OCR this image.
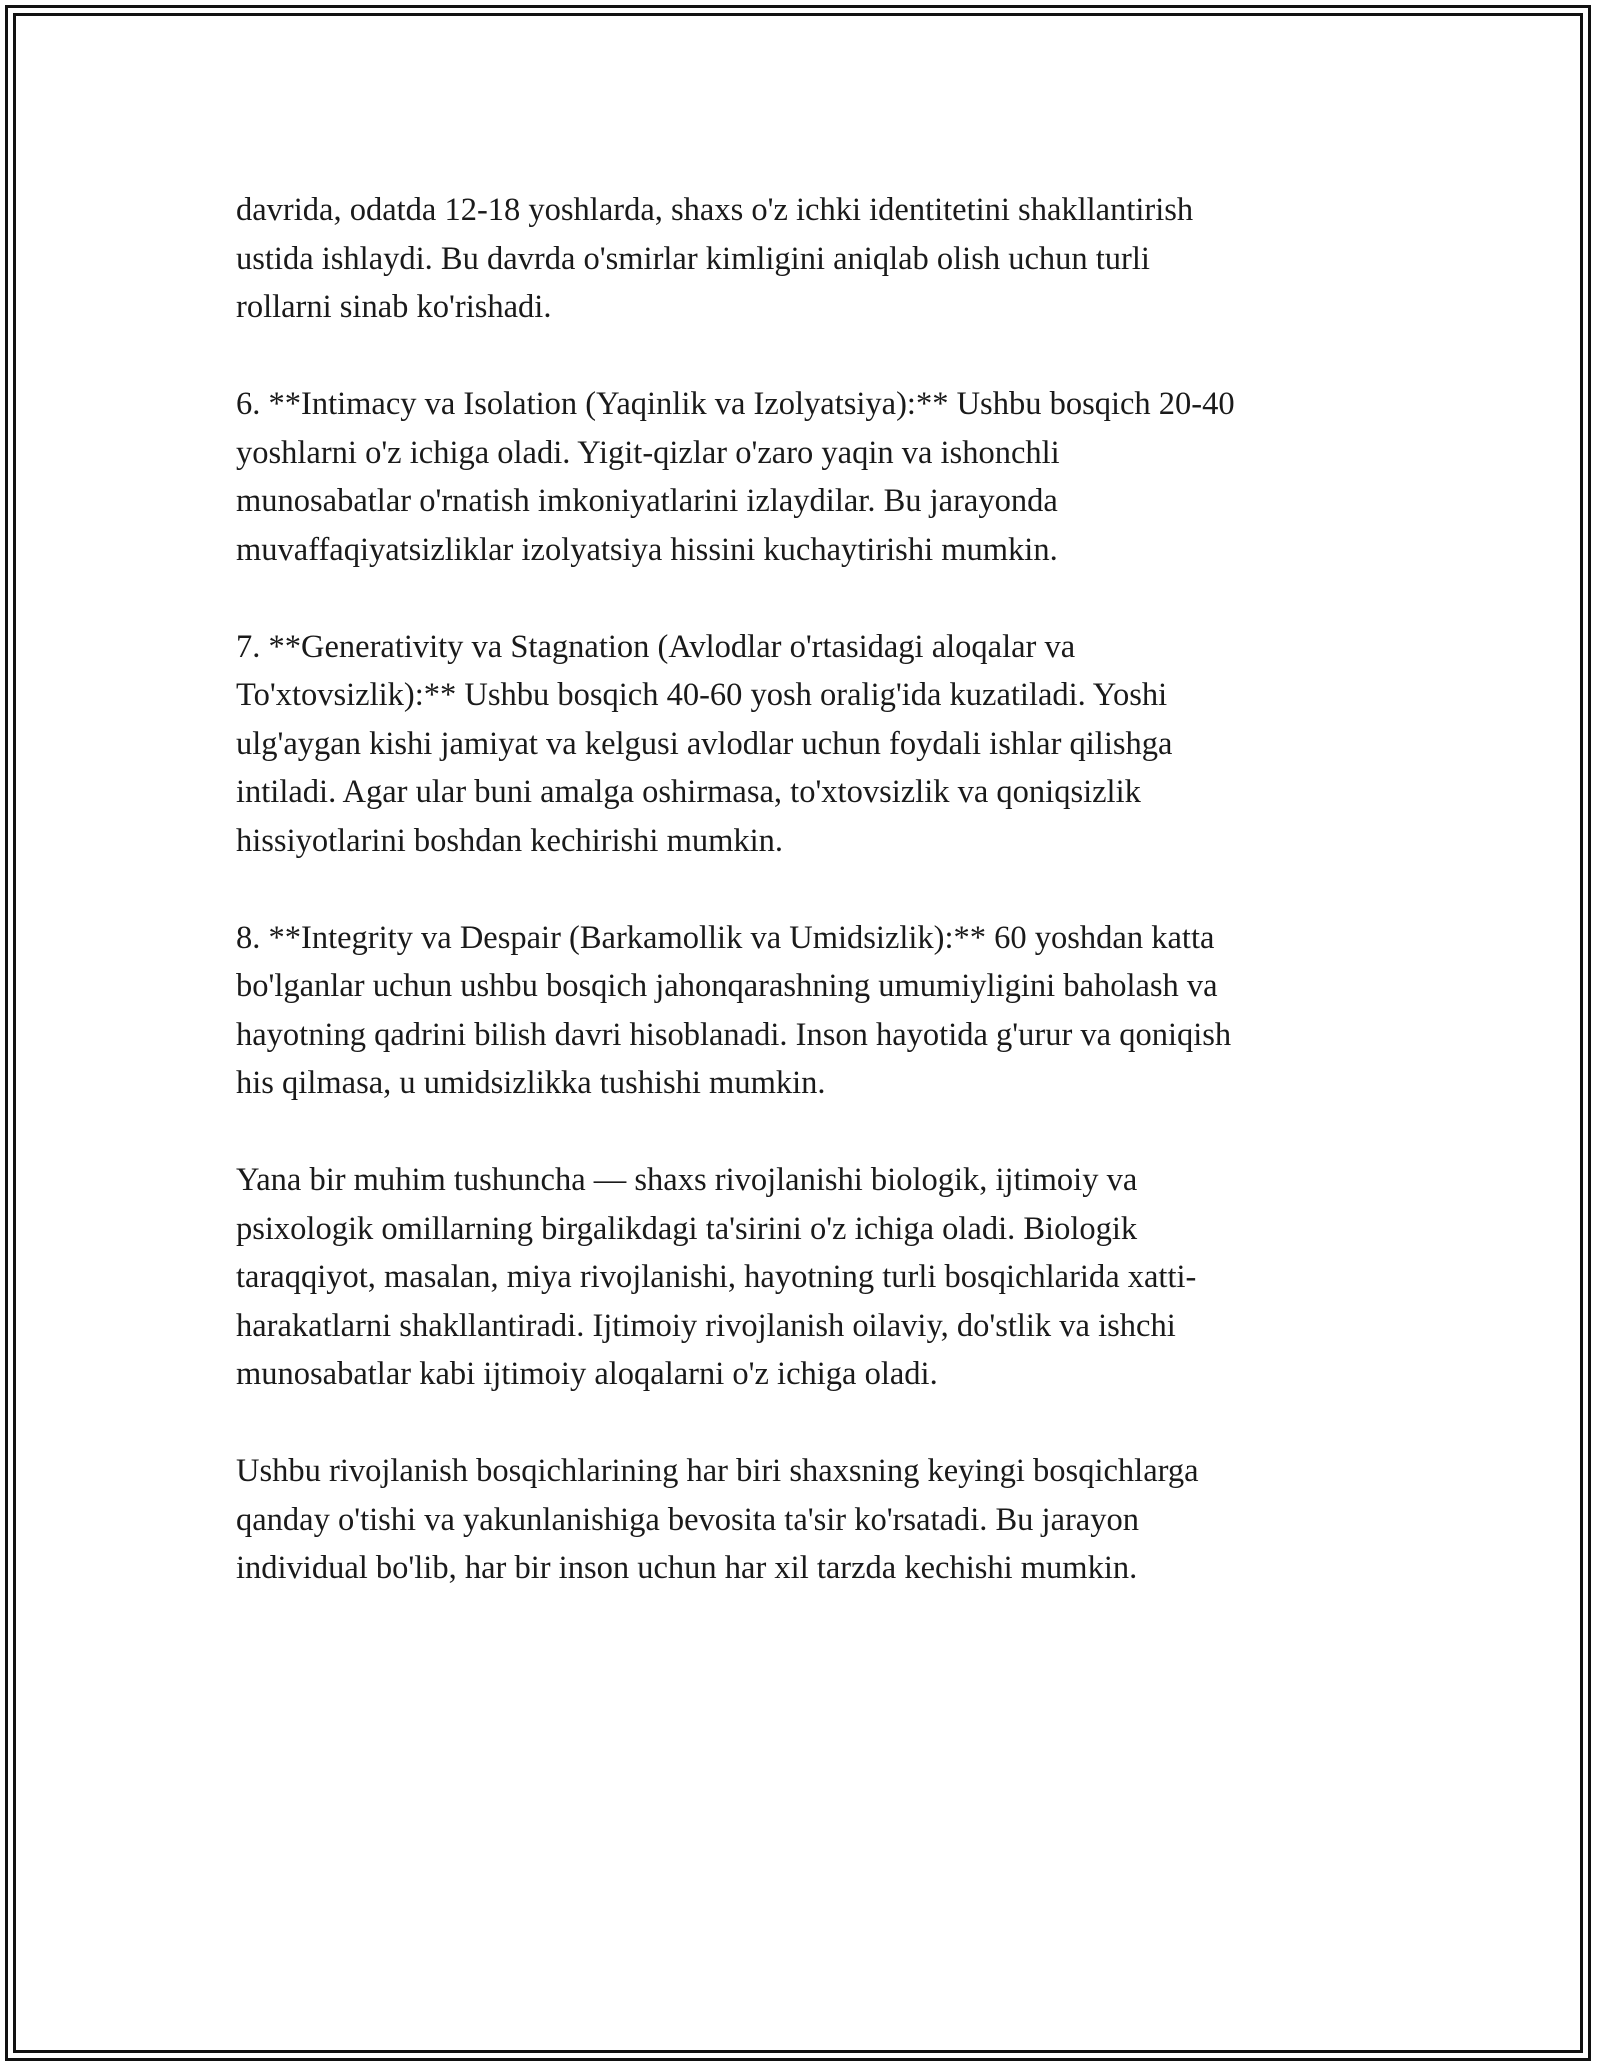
davrida, odatda 12-18 yoshlarda, shaxs o'z ichki identitetini shakllantirish
ustida ishlaydi. Bu davrda o'smirlar kimligini aniqlab olish uchun turli
rollarni sinab ko'rishadi.

6. **Intimacy va Isolation (Yaqinlik va Izolyatsiya):** Ushbu bosqich 20-40
yoshlarni o'z ichiga oladi. Yigit-qizlar o'zaro yaqin va ishonchli
munosabatlar o'rnatish imkoniyatlarini izlaydilar. Bu jarayonda
muvaffaqiyatsizliklar izolyatsiya hissini kuchaytirishi mumkin.

7. **Generativity va Stagnation (Avlodlar o'rtasidagi aloqalar va
To'xtovsizlik):** Ushbu bosqich 40-60 yosh oralig'ida kuzatiladi. Yoshi
ulg'aygan kishi jamiyat va kelgusi avlodlar uchun foydali ishlar qilishga
intiladi. Agar ular buni amalga oshirmasa, to'xtovsizlik va qoniqsizlik
hissiyotlarini boshdan kechirishi mumkin.

8. **Integrity va Despair (Barkamollik va Umidsizlik):** 60 yoshdan katta
bo'lganlar uchun ushbu bosqich jahonqarashning umumiyligini baholash va
hayotning qadrini bilish davri hisoblanadi. Inson hayotida g'urur va qoniqish
his qilmasa, u umidsizlikka tushishi mumkin.

Yana bir muhim tushuncha — shaxs rivojlanishi biologik, ijtimoiy va
psixologik omillarning birgalikdagi ta'sirini o'z ichiga oladi. Biologik
taraqqiyot, masalan, miya rivojlanishi, hayotning turli bosqichlarida xatti-
harakatlarni shakllantiradi. Ijtimoiy rivojlanish oilaviy, do'stlik va ishchi
munosabatlar kabi ijtimoiy aloqalarni o'z ichiga oladi.

Ushbu rivojlanish bosqichlarining har biri shaxsning keyingi bosqichlarga
qanday o'tishi va yakunlanishiga bevosita ta'sir ko'rsatadi. Bu jarayon
individual bo'lib, har bir inson uchun har xil tarzda kechishi mumkin.
